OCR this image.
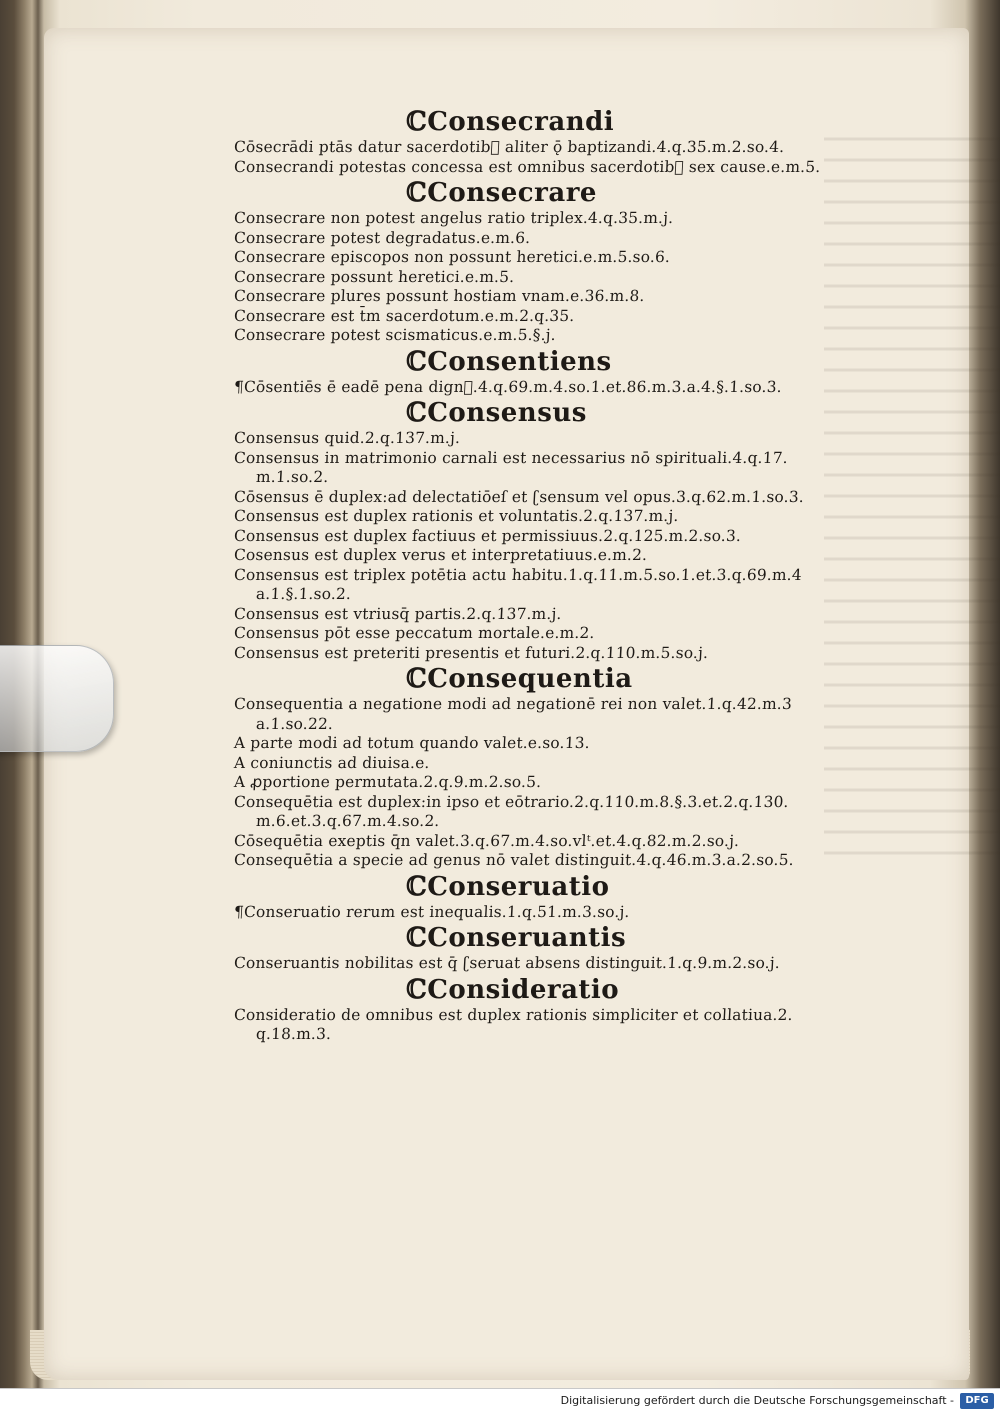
ℂConsecrandi

Cōsecrādi ptās datur sacerdotib᷑ aliter ǭ baptizandi.4.q.35.m.2.so.4.

Consecrandi potestas concessa est omnibus sacerdotib᷑ sex cause.e.m.5.

ℂConsecrare

Consecrare non potest angelus ratio triplex.4.q.35.m.j.

Consecrare potest degradatus.e.m.6.

Consecrare episcopos non possunt heretici.e.m.5.so.6.

Consecrare possunt heretici.e.m.5.

Consecrare plures possunt hostiam vnam.e.36.m.8.

Consecrare est t̄m sacerdotum.e.m.2.q.35.

Consecrare potest scismaticus.e.m.5.§.j.

ℂConsentiens

¶Cōsentiēs ē eadē pena dign᷑.4.q.69.m.4.so.1.et.86.m.3.a.4.§.1.so.3.

ℂConsensus

Consensus quid.2.q.137.m.j.

Consensus in matrimonio carnali est necessarius nō spirituali.4.q.17.

m.1.so.2.

Cōsensus ē duplex:ad delectatiōeſ et ʗsensum vel opus.3.q.62.m.1.so.3.

Consensus est duplex rationis et voluntatis.2.q.137.m.j.

Consensus est duplex factiuus et permissiuus.2.q.125.m.2.so.3.

Cosensus est duplex verus et interpretatiuus.e.m.2.

Consensus est triplex potētia actu habitu.1.q.11.m.5.so.1.et.3.q.69.m.4

a.1.§.1.so.2.

Consensus est vtriusq̄ partis.2.q.137.m.j.

Consensus pōt esse peccatum mortale.e.m.2.

Consensus est preteriti presentis et futuri.2.q.110.m.5.so.j.

ℂConsequentia

Consequentia a negatione modi ad negationē rei non valet.1.q.42.m.3

a.1.so.22.

A parte modi ad totum quando valet.e.so.13.

A coniunctis ad diuisa.e.

A ꝓportione permutata.2.q.9.m.2.so.5.

Consequētia est duplex:in ipso et eōtrario.2.q.110.m.8.§.3.et.2.q.130.

m.6.et.3.q.67.m.4.so.2.

Cōsequētia exeptis q̄n valet.3.q.67.m.4.so.vlᵗ.et.4.q.82.m.2.so.j.

Consequētia a specie ad genus nō valet distinguit.4.q.46.m.3.a.2.so.5.

ℂConseruatio

¶Conseruatio rerum est inequalis.1.q.51.m.3.so.j.

ℂConseruantis

Conseruantis nobilitas est q̄ ʗseruat absens distinguit.1.q.9.m.2.so.j.

ℂConsideratio

Consideratio de omnibus est duplex rationis simpliciter et collatiua.2.

q.18.m.3.

Digitalisierung gefördert durch die Deutsche Forschungsgemeinschaft -	DFG
